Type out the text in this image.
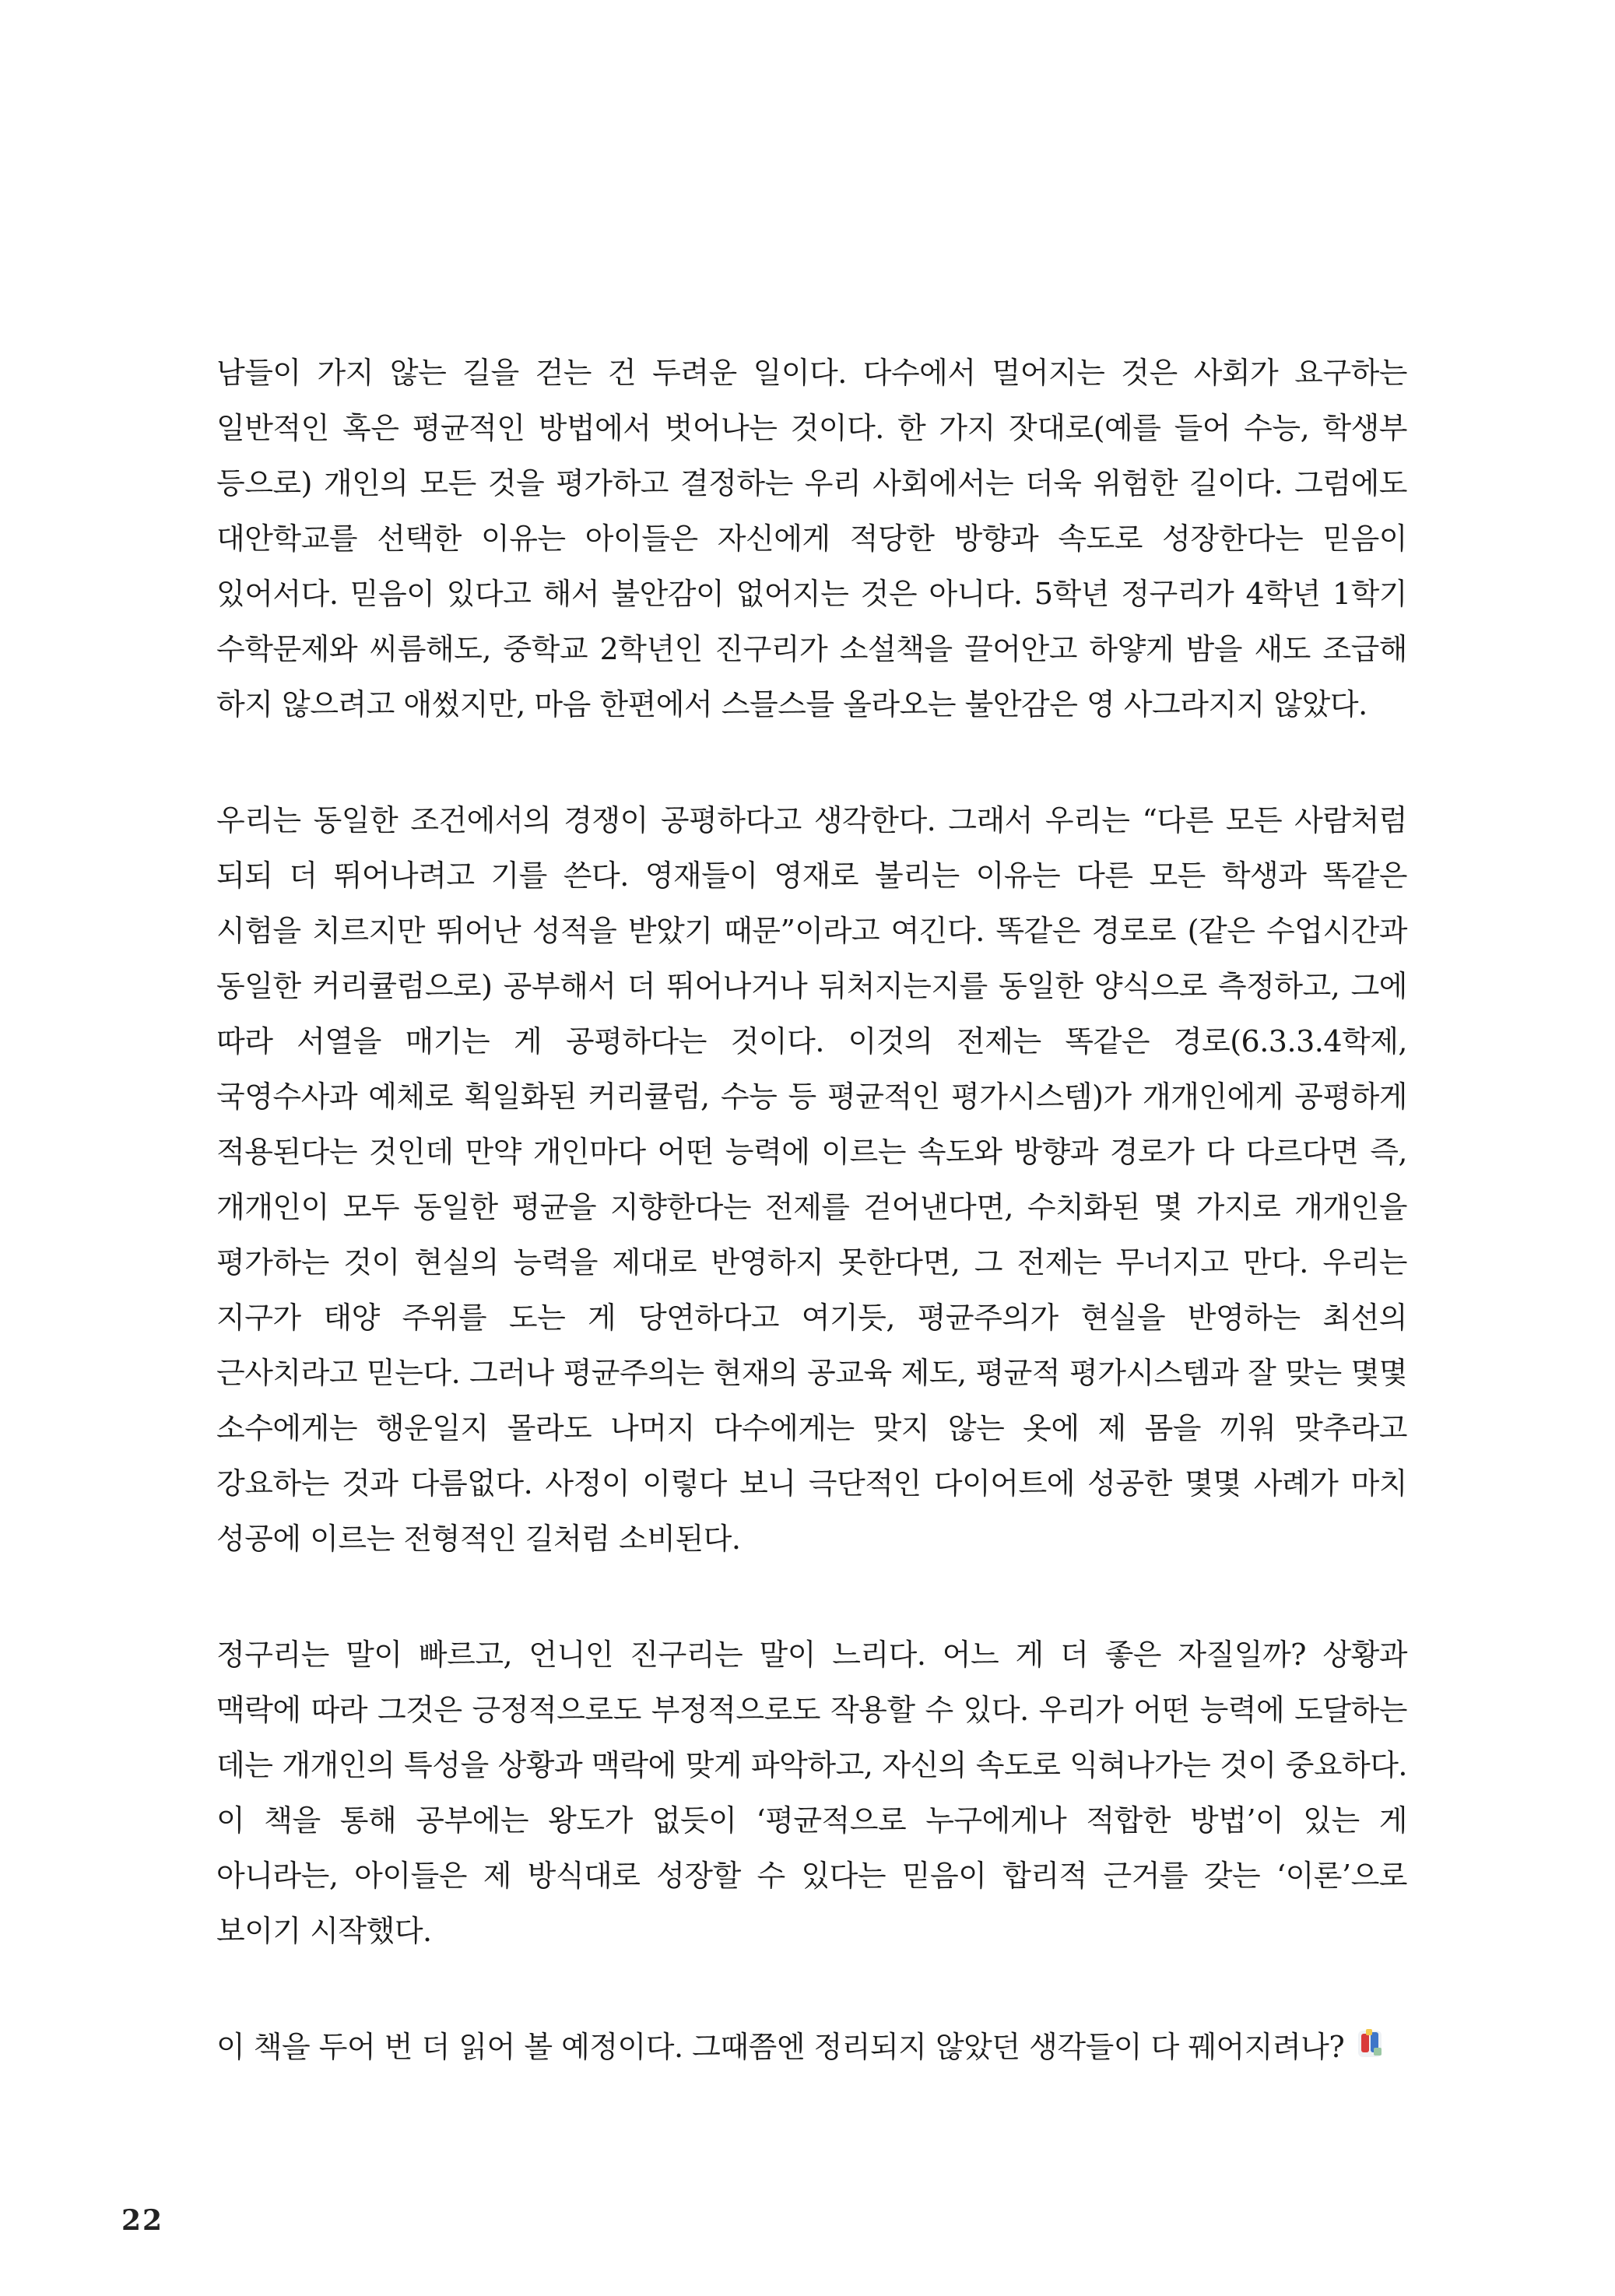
남들이 가지 않는 길을 걷는 건 두려운 일이다. 다수에서 멀어지는 것은 사회가 요구하는 일반적인 혹은 평균적인 방법에서 벗어나는 것이다. 한 가지 잣대로(예를 들어 수능, 학생부 등으로) 개인의 모든 것을 평가하고 결정하는 우리 사회에서는 더욱 위험한 길이다. 그럼에도 대안학교를 선택한 이유는 아이들은 자신에게 적당한 방향과 속도로 성장한다는 믿음이 있어서다. 믿음이 있다고 해서 불안감이 없어지는 것은 아니다. 5학년 정구리가 4학년 1학기 수학문제와 씨름해도, 중학교 2학년인 진구리가 소설책을 끌어안고 하얗게 밤을 새도 조급해 하지 않으려고 애썼지만, 마음 한편에서 스믈스믈 올라오는 불안감은 영 사그라지지 않았다.

우리는 동일한 조건에서의 경쟁이 공평하다고 생각한다. 그래서 우리는 “다른 모든 사람처럼 되되 더 뛰어나려고 기를 쓴다. 영재들이 영재로 불리는 이유는 다른 모든 학생과 똑같은 시험을 치르지만 뛰어난 성적을 받았기 때문”이라고 여긴다. 똑같은 경로로 (같은 수업시간과 동일한 커리큘럼으로) 공부해서 더 뛰어나거나 뒤처지는지를 동일한 양식으로 측정하고, 그에 따라 서열을 매기는 게 공평하다는 것이다. 이것의 전제는 똑같은 경로(6.3.3.4학제, 국영수사과 예체로 획일화된 커리큘럼, 수능 등 평균적인 평가시스템)가 개개인에게 공평하게 적용된다는 것인데 만약 개인마다 어떤 능력에 이르는 속도와 방향과 경로가 다 다르다면 즉, 개개인이 모두 동일한 평균을 지향한다는 전제를 걷어낸다면, 수치화된 몇 가지로 개개인을 평가하는 것이 현실의 능력을 제대로 반영하지 못한다면, 그 전제는 무너지고 만다. 우리는 지구가 태양 주위를 도는 게 당연하다고 여기듯, 평균주의가 현실을 반영하는 최선의 근사치라고 믿는다. 그러나 평균주의는 현재의 공교육 제도, 평균적 평가시스템과 잘 맞는 몇몇 소수에게는 행운일지 몰라도 나머지 다수에게는 맞지 않는 옷에 제 몸을 끼워 맞추라고 강요하는 것과 다름없다. 사정이 이렇다 보니 극단적인 다이어트에 성공한 몇몇 사례가 마치 성공에 이르는 전형적인 길처럼 소비된다.

정구리는 말이 빠르고, 언니인 진구리는 말이 느리다. 어느 게 더 좋은 자질일까? 상황과 맥락에 따라 그것은 긍정적으로도 부정적으로도 작용할 수 있다. 우리가 어떤 능력에 도달하는 데는 개개인의 특성을 상황과 맥락에 맞게 파악하고, 자신의 속도로 익혀나가는 것이 중요하다. 이 책을 통해 공부에는 왕도가 없듯이 ‘평균적으로 누구에게나 적합한 방법’이 있는 게 아니라는, 아이들은 제 방식대로 성장할 수 있다는 믿음이 합리적 근거를 갖는 ‘이론’으로 보이기 시작했다.

이 책을 두어 번 더 읽어 볼 예정이다. 그때쯤엔 정리되지 않았던 생각들이 다 꿰어지려나?

22
